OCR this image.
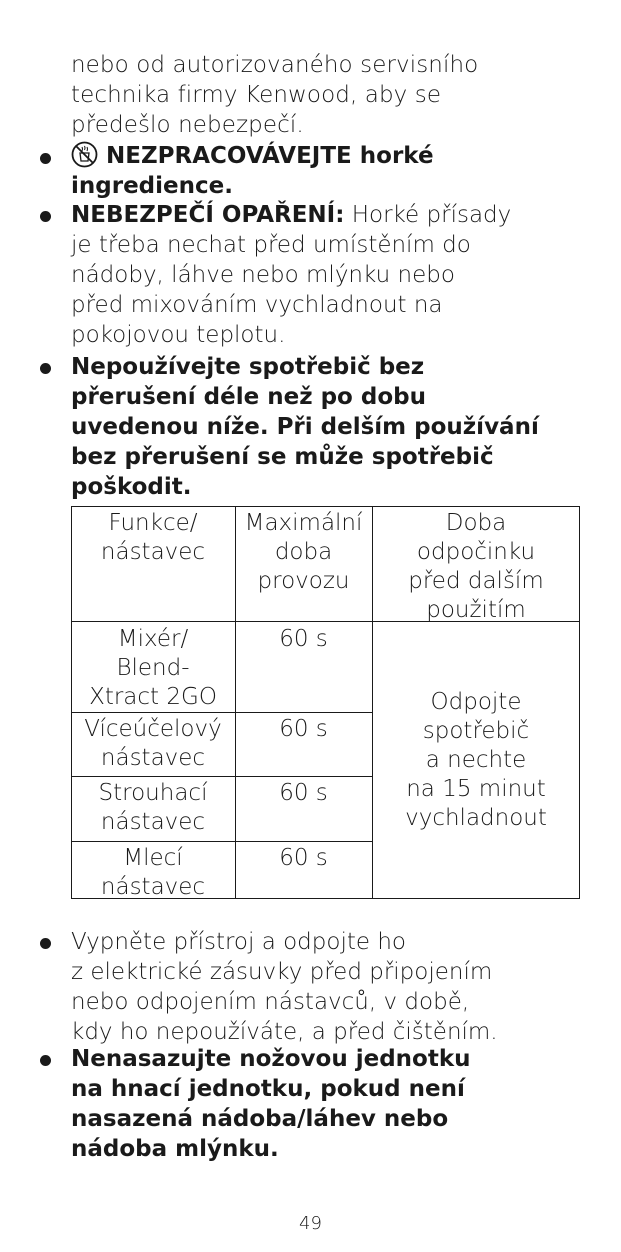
nebo od autorizovaného servisního
technika firmy Kenwood, aby se
předešlo nebezpečí.
NEZPRACOVÁVEJTE horké
ingredience.
NEBEZPEČÍ OPAŘENÍ: Horké přísady
je třeba nechat před umístěním do
nádoby, láhve nebo mlýnku nebo
před mixováním vychladnout na
pokojovou teplotu.
Nepoužívejte spotřebič bez
přerušení déle než po dobu
uvedenou níže. Při delším používání
bez přerušení se může spotřebič
poškodit.
Funkce/
nástavec
Maximální
doba
provozu
Doba
odpočinku
před dalším
použitím
Mixér/
Blend-
Xtract 2GO
60 s
Víceúčelový
nástavec
60 s
Strouhací
nástavec
60 s
Mlecí
nástavec
60 s
Odpojte
spotřebič
a nechte
na 15 minut
vychladnout
Vypněte přístroj a odpojte ho
z elektrické zásuvky před připojením
nebo odpojením nástavců, v době,
kdy ho nepoužíváte, a před čištěním.
Nenasazujte nožovou jednotku
na hnací jednotku, pokud není
nasazená nádoba/láhev nebo
nádoba mlýnku.
49
